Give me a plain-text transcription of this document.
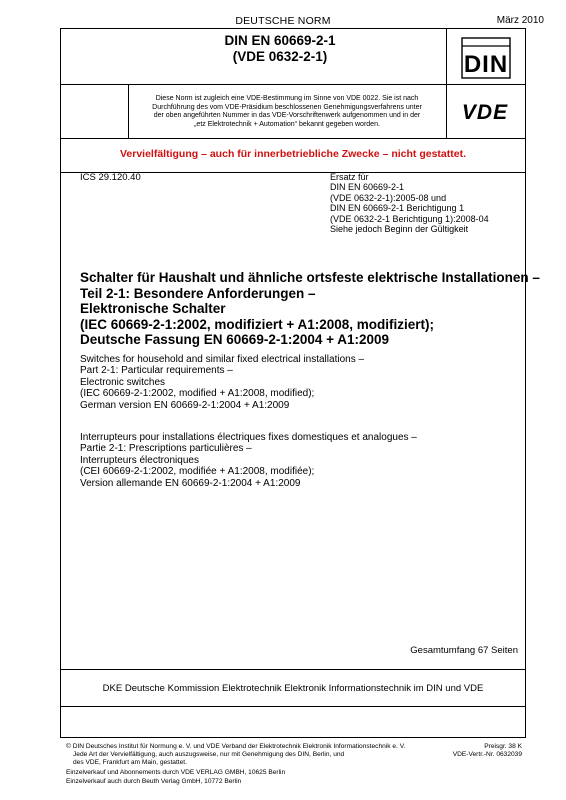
DEUTSCHE NORM	März 2010
DIN EN 60669-2-1
(VDE 0632-2-1)	DIN
VDE
Diese Norm ist zugleich eine VDE-Bestimmung im Sinne von VDE 0022. Sie ist nach
Durchführung des vom VDE-Präsidium beschlossenen Genehmigungsverfahrens unter
der oben angeführten Nummer in das VDE-Vorschriftenwerk aufgenommen und in der
„etz Elektrotechnik + Automation“ bekannt gegeben worden.
Vervielfältigung – auch für innerbetriebliche Zwecke – nicht gestattet.
ICS 29.120.40	Ersatz für
DIN EN 60669-2-1
(VDE 0632-2-1):2005-08 und
DIN EN 60669-2-1 Berichtigung 1
(VDE 0632-2-1 Berichtigung 1):2008-04
Siehe jedoch Beginn der Gültigkeit
Schalter für Haushalt und ähnliche ortsfeste elektrische Installationen –
Teil 2-1: Besondere Anforderungen –
Elektronische Schalter
(IEC 60669-2-1:2002, modifiziert + A1:2008, modifiziert);
Deutsche Fassung EN 60669-2-1:2004 + A1:2009
Switches for household and similar fixed electrical installations –
Part 2-1: Particular requirements –
Electronic switches
(IEC 60669-2-1:2002, modified + A1:2008, modified);
German version EN 60669-2-1:2004 + A1:2009
Interrupteurs pour installations électriques fixes domestiques et analogues –
Partie 2-1: Prescriptions particulières –
Interrupteurs électroniques
(CEI 60669-2-1:2002, modifiée + A1:2008, modifiée);
Version allemande EN 60669-2-1:2004 + A1:2009
Gesamtumfang 67 Seiten
DKE Deutsche Kommission Elektrotechnik Elektronik Informationstechnik im DIN und VDE
© DIN Deutsches Institut für Normung e. V. und VDE Verband der Elektrotechnik Elektronik Informationstechnik e. V.
Jede Art der Vervielfältigung, auch auszugsweise, nur mit Genehmigung des DIN, Berlin, und
des VDE, Frankfurt am Main, gestattet.
Preisgr. 38 K
VDE-Vertr.-Nr. 0632039
Einzelverkauf und Abonnements durch VDE VERLAG GMBH, 10625 Berlin
Einzelverkauf auch durch Beuth Verlag GmbH, 10772 Berlin
